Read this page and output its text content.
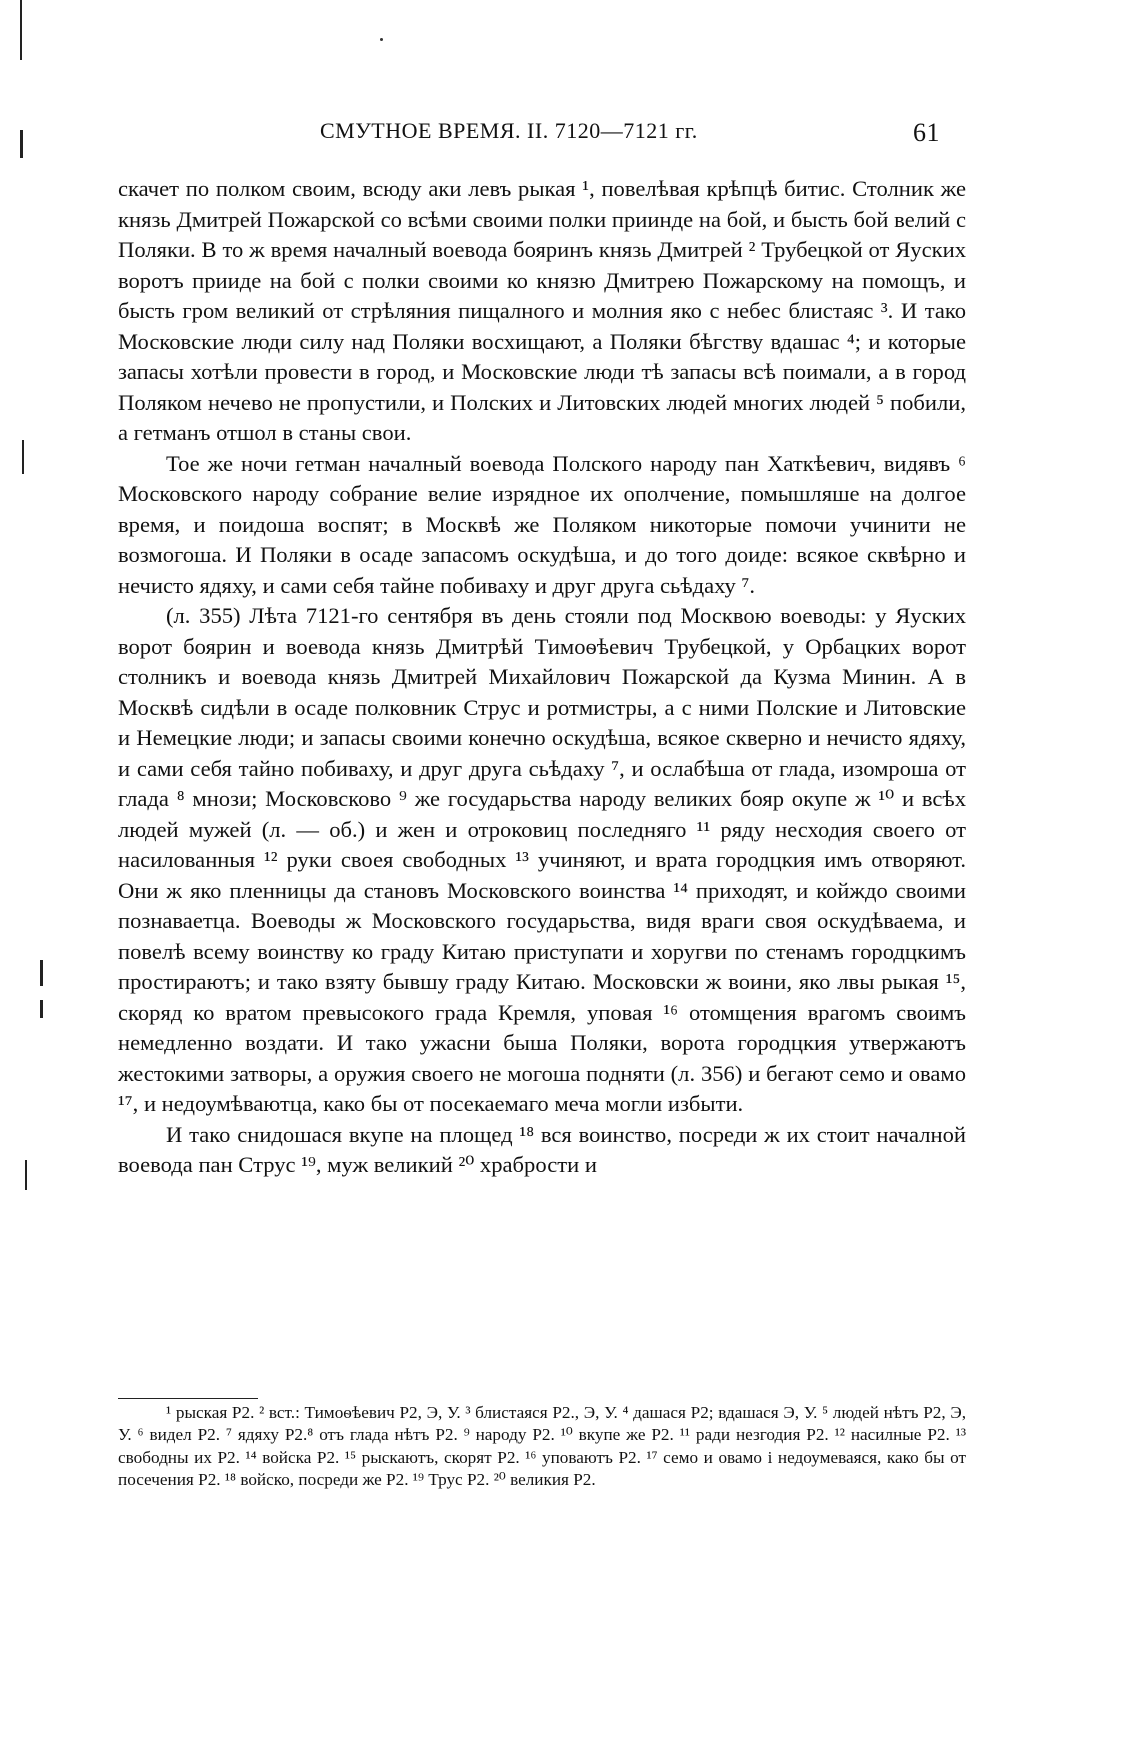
СМУТНОЕ ВРЕМЯ. II. 7120—7121 гг.	61

скачет по полком своим, всюду аки левъ рыкая ¹, повелѣвая крѣпцѣ битис. Столник же князь Дмитрей Пожарской со всѣми своими полки приинде на бой, и бысть бой велий с Поляки. В то ж время началный воевода бояринъ князь Дмитрей ² Трубецкой от Яуских воротъ прииде на бой с полки своими ко князю Дмитрею Пожарскому на помощъ, и бысть гром великий от стрѣляния пищалного и молния яко с небес блистаяс ³. И тако Московские люди силу над Поляки восхищают, а Поляки бѣгству вдашас ⁴; и которые запасы хотѣли провести в город, и Московские люди тѣ запасы всѣ поимали, а в город Поляком нечево не пропустили, и Полских и Литовских людей многих людей ⁵ побили, а гетманъ отшол в станы свои.

Тое же ночи гетман началный воевода Полского народу пан Хаткѣевич, видявъ ⁶ Московского народу собрание велие изрядное их ополчение, помышляше на долгое время, и поидоша воспят; в Москвѣ же Поляком никоторые помочи учинити не возмогоша. И Поляки в осаде запасомъ оскудѣша, и до того доиде: всякое сквѣрно и нечисто ядяху, и сами себя тайне побиваху и друг друга сьѣдаху ⁷.

(л. 355) Лѣта 7121-го сентября въ день стояли под Москвою воеводы: у Яуских ворот боярин и воевода князь Дмитрѣй Тимоѳѣевич Трубецкой, у Орбацких ворот столникъ и воевода князь Дмитрей Михайлович Пожарской да Кузма Минин. А в Москвѣ сидѣли в осаде полковник Струс и ротмистры, а с ними Полские и Литовские и Немецкие люди; и запасы своими конечно оскудѣша, всякое скверно и нечисто ядяху, и сами себя тайно побиваху, и друг друга сьѣдаху ⁷, и ослабѣша от глада, изомроша от глада ⁸ мнози; Московсково ⁹ же государьства народу великих бояр окупе ж ¹⁰ и всѣх людей мужей (л. — об.) и жен и отроковиц последняго ¹¹ ряду несходия своего от насилованныя ¹² руки своея свободных ¹³ учиняют, и врата городцкия имъ отворяют. Они ж яко пленницы да становъ Московского воинства ¹⁴ приходят, и койждо своими познаваетца. Воеводы ж Московского государьства, видя враги своя оскудѣваема, и повелѣ всему воинству ко граду Китаю приступати и хоругви по стенамъ городцкимъ простираютъ; и тако взяту бывшу граду Китаю. Московски ж воини, яко лвы рыкая ¹⁵, скоряд ко вратом превысокого града Кремля, уповая ¹⁶ отомщения врагомъ своимъ немедленно воздати. И тако ужасни быша Поляки, ворота городцкия утвержаютъ жестокими затворы, а оружия своего не могоша подняти (л. 356) и бегают семо и овамо ¹⁷, и недоумѣваютца, како бы от посекаемаго меча могли избыти.

И тако снидошася вкупе на площед ¹⁸ вся воинство, посреди ж их стоит началной воевода пан Струс ¹⁹, муж великий ²⁰ храбрости и

¹ рыская Р2. ² вст.: Тимоѳѣевич Р2, Э, У. ³ блистаяся Р2., Э, У. ⁴ дашася Р2; вдашася Э, У. ⁵ людей нѣтъ Р2, Э, У. ⁶ видел Р2. ⁷ ядяху Р2.⁸ отъ глада нѣтъ Р2. ⁹ народу Р2. ¹⁰ вкупе же Р2. ¹¹ ради незгодия Р2. ¹² насилные Р2. ¹³ свободны их Р2. ¹⁴ войска Р2. ¹⁵ рыскаютъ, скорят Р2. ¹⁶ уповаютъ Р2. ¹⁷ семо и овамо і недоумеваяся, како бы от посечения Р2. ¹⁸ войско, посреди же Р2. ¹⁹ Трус Р2. ²⁰ великия Р2.
